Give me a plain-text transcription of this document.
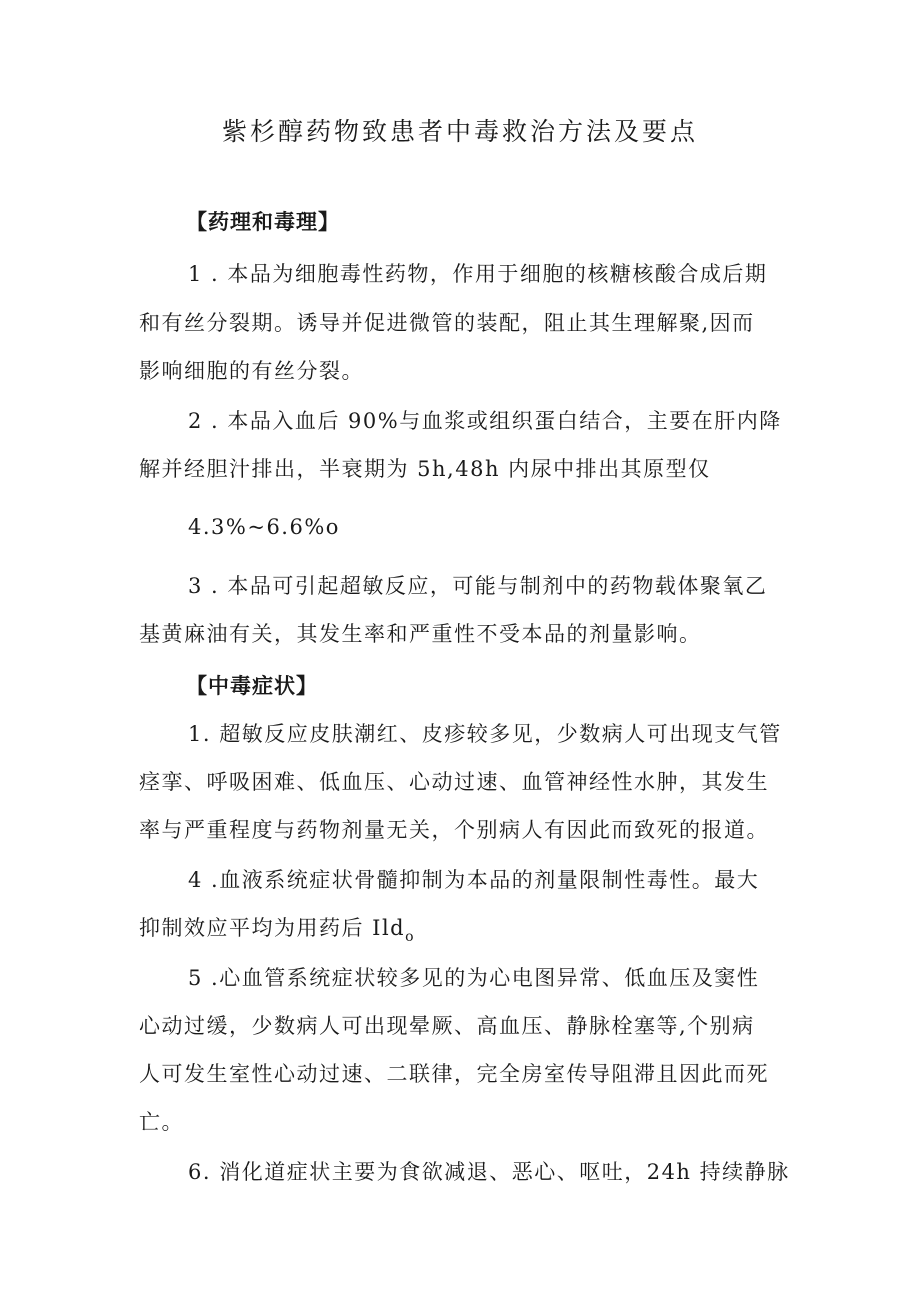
紫杉醇药物致患者中毒救治方法及要点
【药理和毒理】
1 . 本品为细胞毒性药物，作用于细胞的核糖核酸合成后期
和有丝分裂期。诱导并促进微管的装配，阻止其生理解聚,因而
影响细胞的有丝分裂。
2 . 本品入血后 90%与血浆或组织蛋白结合，主要在肝内降
解并经胆汁排出，半衰期为 5h,48h 内尿中排出其原型仅
4.3%~6.6%o
3 . 本品可引起超敏反应，可能与制剂中的药物载体聚氧乙
基黄麻油有关，其发生率和严重性不受本品的剂量影响。
【中毒症状】
1. 超敏反应皮肤潮红、皮疹较多见，少数病人可出现支气管
痉挛、呼吸困难、低血压、心动过速、血管神经性水肿，其发生
率与严重程度与药物剂量无关，个别病人有因此而致死的报道。
4 .血液系统症状骨髓抑制为本品的剂量限制性毒性。最大
抑制效应平均为用药后 Ild$_o$
5 .心血管系统症状较多见的为心电图异常、低血压及窦性
心动过缓，少数病人可出现晕厥、高血压、静脉栓塞等,个别病
人可发生室性心动过速、二联律，完全房室传导阻滞且因此而死
亡。
6. 消化道症状主要为食欲减退、恶心、呕吐，24h 持续静脉
